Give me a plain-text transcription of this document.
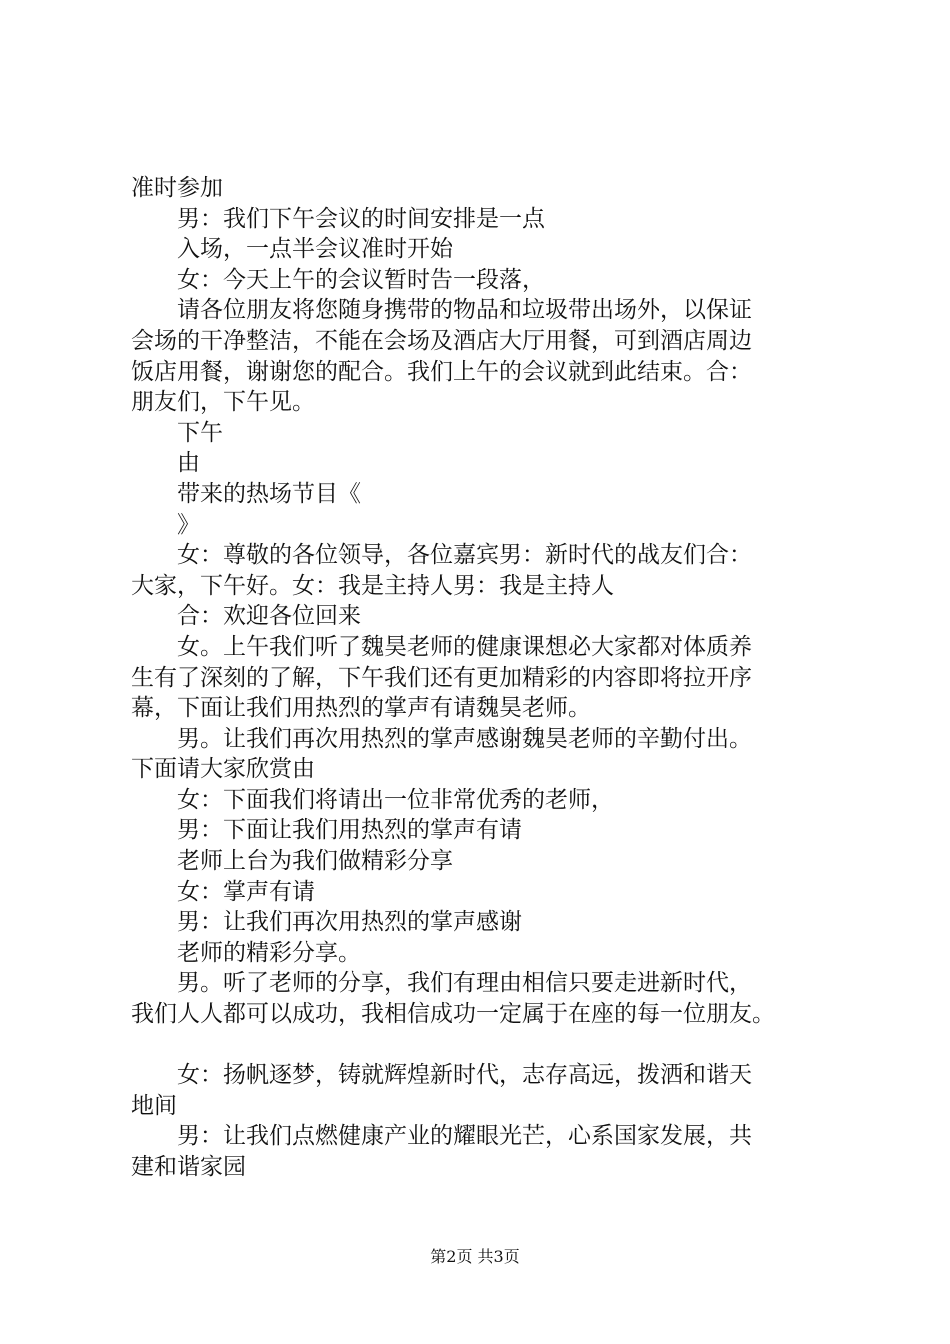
准时参加
男：我们下午会议的时间安排是一点
入场，一点半会议准时开始
女：今天上午的会议暂时告一段落，
请各位朋友将您随身携带的物品和垃圾带出场外，以保证
会场的干净整洁，不能在会场及酒店大厅用餐，可到酒店周边
饭店用餐，谢谢您的配合。我们上午的会议就到此结束。合：
朋友们，下午见。
下午
由
带来的热场节目《
》
女：尊敬的各位领导，各位嘉宾男：新时代的战友们合：
大家，下午好。女：我是主持人男：我是主持人
合：欢迎各位回来
女。上午我们听了魏昊老师的健康课想必大家都对体质养
生有了深刻的了解，下午我们还有更加精彩的内容即将拉开序
幕，下面让我们用热烈的掌声有请魏昊老师。
男。让我们再次用热烈的掌声感谢魏昊老师的辛勤付出。
下面请大家欣赏由
女：下面我们将请出一位非常优秀的老师，
男：下面让我们用热烈的掌声有请
老师上台为我们做精彩分享
女：掌声有请
男：让我们再次用热烈的掌声感谢
老师的精彩分享。
男。听了老师的分享，我们有理由相信只要走进新时代，
我们人人都可以成功，我相信成功一定属于在座的每一位朋友。
女：扬帆逐梦，铸就辉煌新时代，志存高远，拨洒和谐天
地间
男：让我们点燃健康产业的耀眼光芒，心系国家发展，共
建和谐家园
第2页 共3页
